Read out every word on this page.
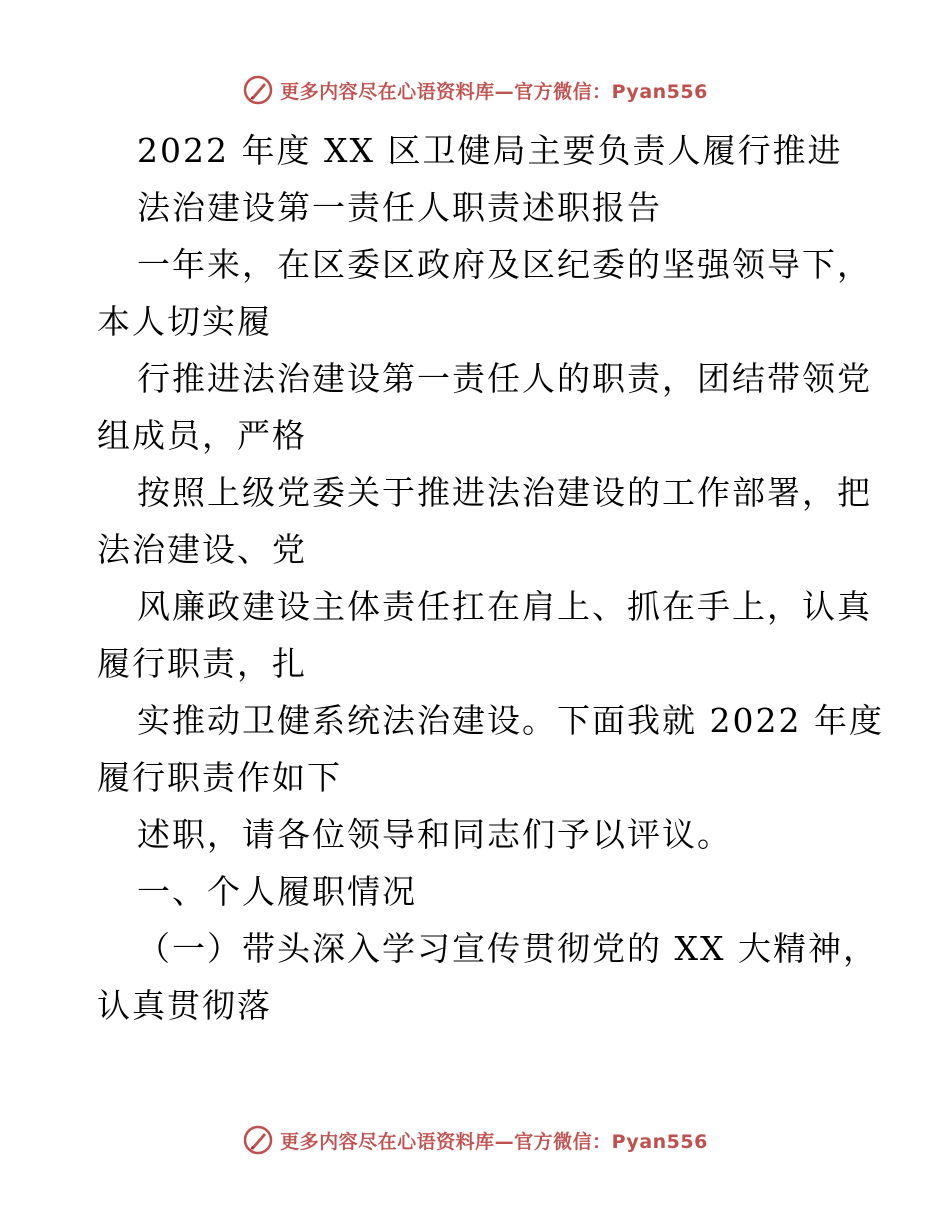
更多内容尽在心语资料库—官方微信：Pyan556
2022 年度 XX 区卫健局主要负责人履行推进
法治建设第一责任人职责述职报告
一年来，在区委区政府及区纪委的坚强领导下，
本人切实履
行推进法治建设第一责任人的职责，团结带领党
组成员，严格
按照上级党委关于推进法治建设的工作部署，把
法治建设、党
风廉政建设主体责任扛在肩上、抓在手上，认真
履行职责，扎
实推动卫健系统法治建设。下面我就 2022 年度
履行职责作如下
述职，请各位领导和同志们予以评议。
一、个人履职情况
（一）带头深入学习宣传贯彻党的 XX 大精神，
认真贯彻落
更多内容尽在心语资料库—官方微信：Pyan556
